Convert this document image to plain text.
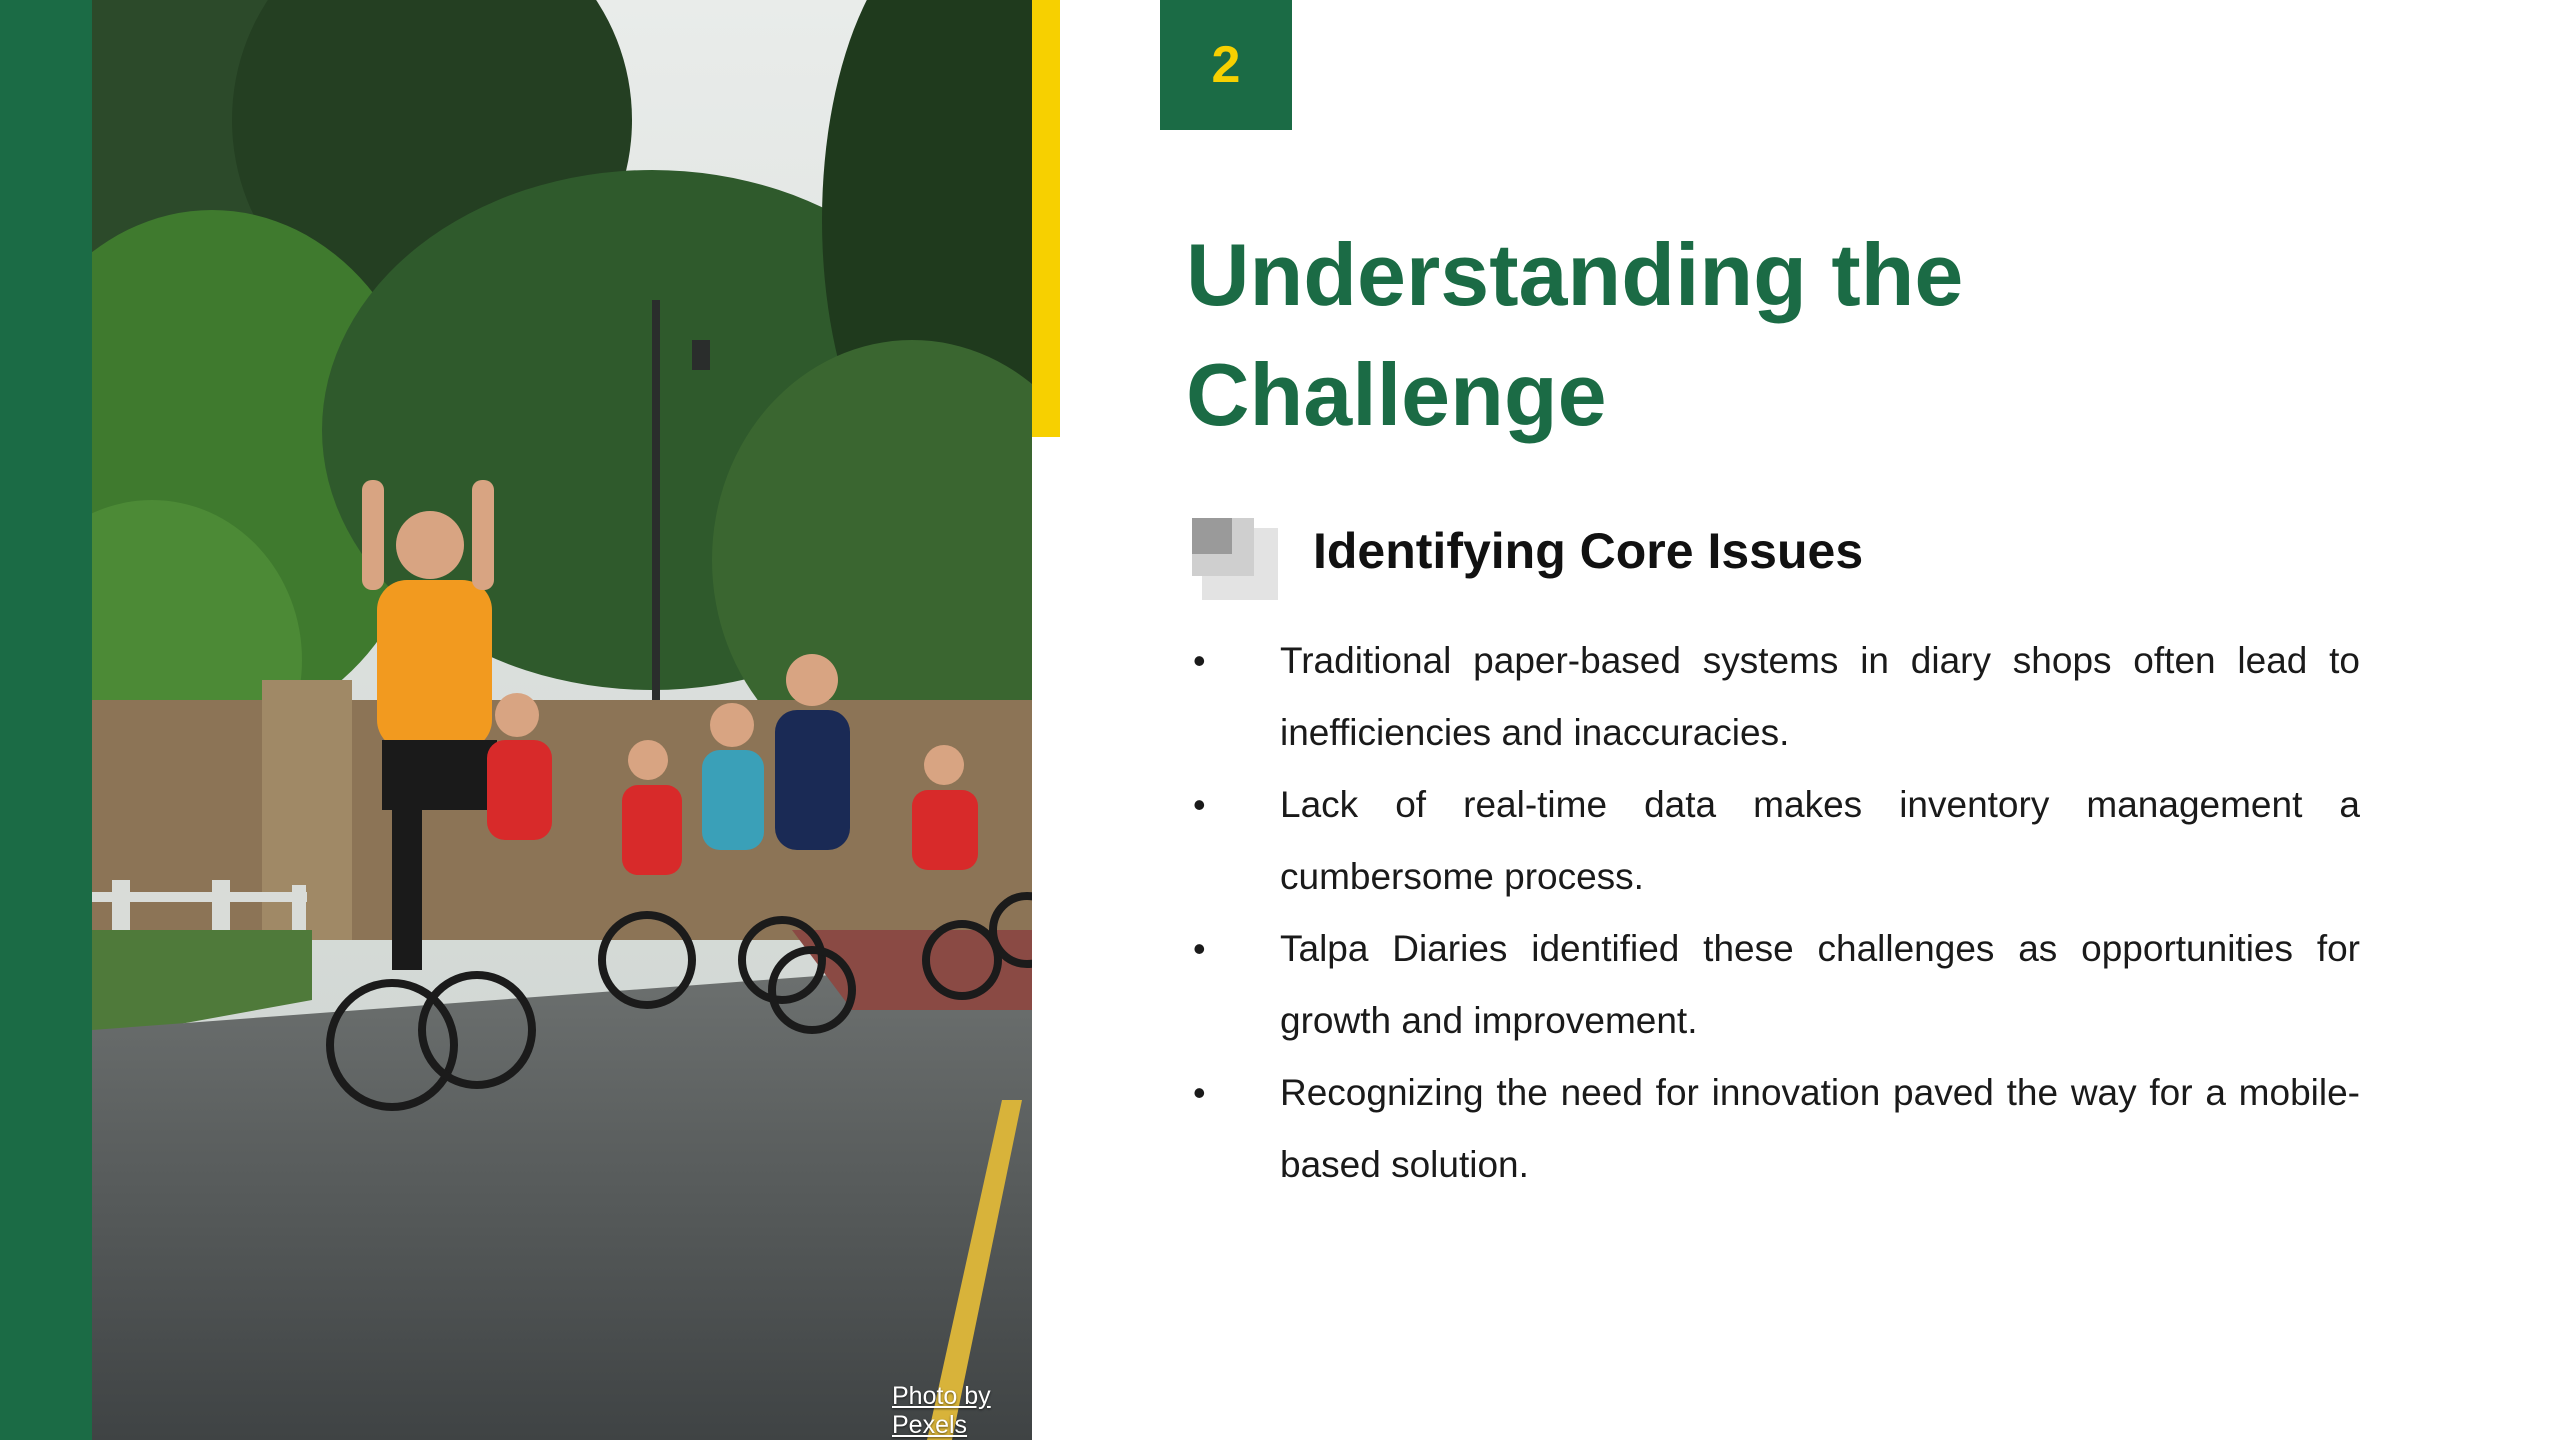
Photo by Pexels
2
Understanding the Challenge
Identifying Core Issues
• Traditional paper-based systems in diary shops often lead to inefficiencies and inaccuracies.
• Lack of real-time data makes inventory management a cumbersome process.
• Talpa Diaries identified these challenges as opportunities for growth and improvement.
• Recognizing the need for innovation paved the way for a mobile-based solution.
